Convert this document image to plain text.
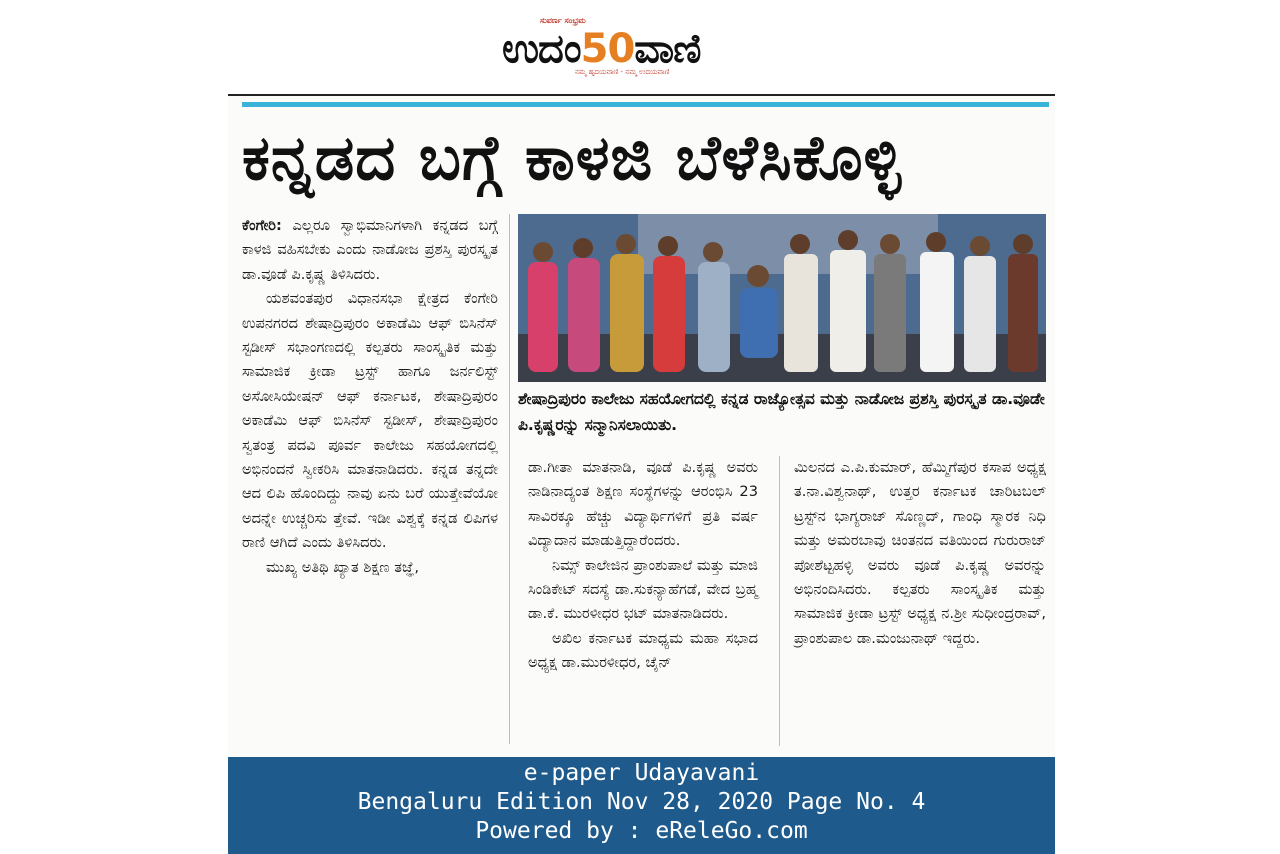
ಸುವರ್ಣ ಸಂಭ್ರಮ
ಉದಂ50ವಾಣಿ
ನಮ್ಮ ಹೃದಯವಾಣಿ - ನಮ್ಮ ಉದಯವಾಣಿ
ಕನ್ನಡದ ಬಗ್ಗೆ ಕಾಳಜಿ ಬೆಳೆಸಿಕೊಳ್ಳಿ

ಕೆಂಗೇರಿ: ಎಲ್ಲರೂ ಸ್ವಾಭಿಮಾನಿಗಳಾಗಿ ಕನ್ನಡದ ಬಗ್ಗೆ ಕಾಳಜಿ ವಹಿಸಬೇಕು ಎಂದು ನಾಡೋಜ ಪ್ರಶಸ್ತಿ ಪುರಸ್ಕೃತ ಡಾ.ವೂಡೆ ಪಿ.ಕೃಷ್ಣ ತಿಳಿಸಿದರು.

ಯಶವಂತಪುರ ವಿಧಾನಸಭಾ ಕ್ಷೇತ್ರದ ಕೆಂಗೇರಿ ಉಪನಗರದ ಶೇಷಾದ್ರಿಪುರಂ ಅಕಾಡೆಮಿ ಆಫ್ ಬಿಸಿನೆಸ್ ಸ್ಟಡೀಸ್ ಸಭಾಂಗಣದಲ್ಲಿ ಕಲ್ಪತರು ಸಾಂಸ್ಕೃತಿಕ ಮತ್ತು ಸಾಮಾಜಿಕ ಕ್ರೀಡಾ ಟ್ರಸ್ಟ್ ಹಾಗೂ ಜರ್ನಲಿಸ್ಟ್ ಅಸೋಸಿಯೇಷನ್ ಆಫ್ ಕರ್ನಾಟಕ, ಶೇಷಾದ್ರಿಪುರಂ ಅಕಾಡೆಮಿ ಆಫ್ ಬಿಸಿನೆಸ್ ಸ್ಟಡೀಸ್, ಶೇಷಾದ್ರಿಪುರಂ ಸ್ವತಂತ್ರ ಪದವಿ ಪೂರ್ವ ಕಾಲೇಜು ಸಹಯೋಗದಲ್ಲಿ ಅಭಿನಂದನೆ ಸ್ವೀಕರಿಸಿ ಮಾತನಾಡಿದರು. ಕನ್ನಡ ತನ್ನದೇ ಆದ ಲಿಪಿ ಹೊಂದಿದ್ದು ನಾವು ಏನು ಬರೆ ಯುತ್ತೇವೆಯೋ ಅದನ್ನೇ ಉಚ್ಚರಿಸು ತ್ತೇವೆ. ಇಡೀ ವಿಶ್ವಕ್ಕೆ ಕನ್ನಡ ಲಿಪಿಗಳ ರಾಣಿ ಆಗಿದೆ ಎಂದು ತಿಳಿಸಿದರು.

ಮುಖ್ಯ ಅತಿಥಿ ಖ್ಯಾತ ಶಿಕ್ಷಣ ತಜ್ಞೆ,

ಶೇಷಾದ್ರಿಪುರಂ ಕಾಲೇಜು ಸಹಯೋಗದಲ್ಲಿ ಕನ್ನಡ ರಾಜ್ಯೋತ್ಸವ ಮತ್ತು ನಾಡೋಜ ಪ್ರಶಸ್ತಿ ಪುರಸ್ಕೃತ ಡಾ.ವೂಡೇ ಪಿ.ಕೃಷ್ಣರನ್ನು ಸನ್ಮಾನಿಸಲಾಯಿತು.

ಡಾ.ಗೀತಾ ಮಾತನಾಡಿ, ವೂಡೆ ಪಿ.ಕೃಷ್ಣ ಅವರು ನಾಡಿನಾದ್ಯಂತ ಶಿಕ್ಷಣ ಸಂಸ್ಥೆಗಳನ್ನು ಆರಂಭಿಸಿ 23 ಸಾವಿರಕ್ಕೂ ಹೆಚ್ಚು ವಿದ್ಯಾರ್ಥಿಗಳಿಗೆ ಪ್ರತಿ ವರ್ಷ ವಿದ್ಯಾದಾನ ಮಾಡುತ್ತಿದ್ದಾರೆಂದರು.

ನಿಮ್ಸ್ ಕಾಲೇಜಿನ ಪ್ರಾಂಶುಪಾಲೆ ಮತ್ತು ಮಾಜಿ ಸಿಂಡಿಕೇಟ್ ಸದಸ್ಯೆ ಡಾ.ಸುಕನ್ಯಾಹೆಗಡೆ, ವೇದ ಬ್ರಹ್ಮ ಡಾ.ಕೆ. ಮುರಳೀಧರ ಭಟ್ ಮಾತನಾಡಿದರು.

ಅಖಿಲ ಕರ್ನಾಟಕ ಮಾಧ್ಯಮ ಮಹಾ ಸಭಾದ ಅಧ್ಯಕ್ಷ ಡಾ.ಮುರಳೀಧರ, ಚೈನ್

ಮಿಲನದ ಎ.ಪಿ.ಕುಮಾರ್, ಹೆಮ್ಮಿಗೆಪುರ ಕಸಾಪ ಅಧ್ಯಕ್ಷ ತ.ನಾ.ವಿಶ್ವನಾಥ್, ಉತ್ತರ ಕರ್ನಾಟಕ ಚಾರಿಟಬಲ್ ಟ್ರಸ್ಟ್‌ನ ಭಾಗ್ಯರಾಜ್ ಸೊಣ್ಣದ್, ಗಾಂಧಿ ಸ್ಮಾರಕ ನಿಧಿ ಮತ್ತು ಅಮರಬಾವು ಚಿಂತನದ ವತಿಯಿಂದ ಗುರುರಾಜ್ ಪೋಶೆಟ್ಟಹಳ್ಳಿ ಅವರು ವೂಡೆ ಪಿ.ಕೃಷ್ಣ ಅವರನ್ನು ಅಭಿನಂದಿಸಿದರು. ಕಲ್ಪತರು ಸಾಂಸ್ಕೃತಿಕ ಮತ್ತು ಸಾಮಾಜಿಕ ಕ್ರೀಡಾ ಟ್ರಸ್ಟ್ ಅಧ್ಯಕ್ಷ ನ.ಶ್ರೀ ಸುಧೀಂದ್ರರಾವ್, ಪ್ರಾಂಶುಪಾಲ ಡಾ.ಮಂಜುನಾಥ್ ಇದ್ದರು.

e-paper Udayavani
Bengaluru Edition Nov 28, 2020 Page No. 4
Powered by : eReleGo.com
